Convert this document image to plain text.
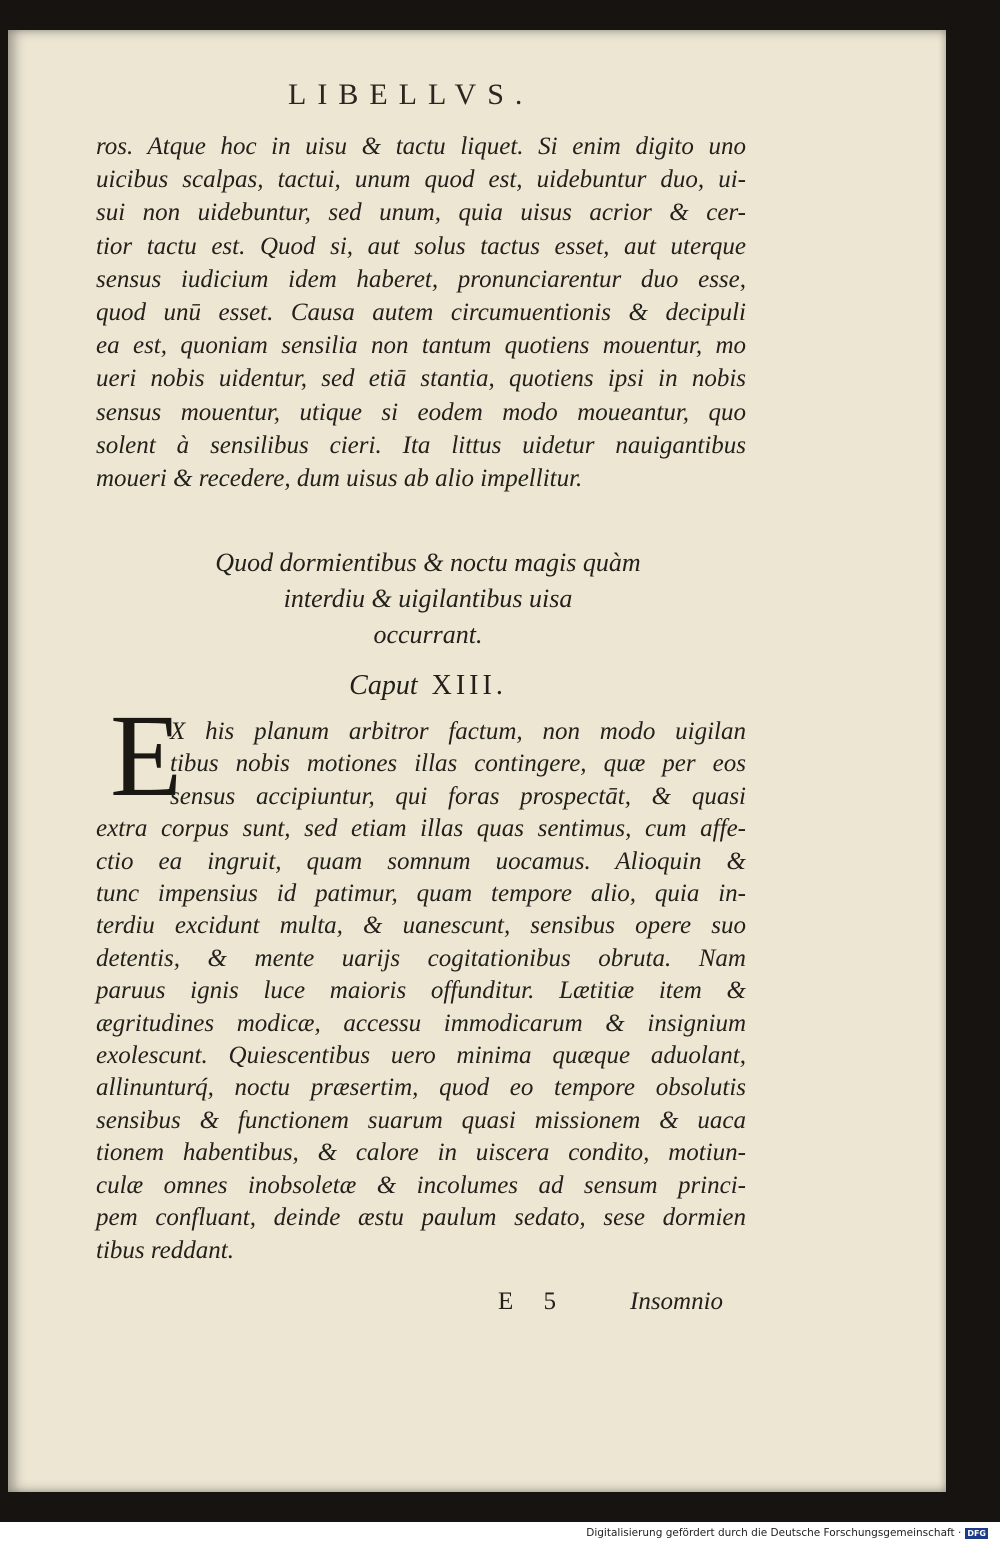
LIBELLVS.
ros. Atque hoc in uisu & tactu liquet. Si enim digito uno
uicibus scalpas, tactui, unum quod est, uidebuntur duo, ui-
sui non uidebuntur, sed unum, quia uisus acrior & cer-
tior tactu est. Quod si, aut solus tactus esset, aut uterque
sensus iudicium idem haberet, pronunciarentur duo esse,
quod unū esset. Causa autem circumuentionis & decipuli
ea est, quoniam sensilia non tantum quotiens mouentur, mo
ueri nobis uidentur, sed etiā stantia, quotiens ipsi in nobis
sensus mouentur, utique si eodem modo moueantur, quo
solent à sensilibus cieri. Ita littus uidetur nauigantibus
moueri & recedere, dum uisus ab alio impellitur.
Quod dormientibus & noctu magis quàm
interdiu & uigilantibus uisa
occurrant.
Caput XIII.
E
X his planum arbitror factum, non modo uigilan
tibus nobis motiones illas contingere, quæ per eos
sensus accipiuntur, qui foras prospectāt, & quasi
extra corpus sunt, sed etiam illas quas sentimus, cum affe-
ctio ea ingruit, quam somnum uocamus. Alioquin &
tunc impensius id patimur, quam tempore alio, quia in-
terdiu excidunt multa, & uanescunt, sensibus opere suo
detentis, & mente uarijs cogitationibus obruta. Nam
paruus ignis luce maioris offunditur. Lætitiæ item &
ægritudines modicæ, accessu immodicarum & insignium
exolescunt. Quiescentibus uero minima quæque aduolant,
allinunturq́, noctu præsertim, quod eo tempore obsolutis
sensibus & functionem suarum quasi missionem & uaca
tionem habentibus, & calore in uiscera condito, motiun-
culæ omnes inobsoletæ & incolumes ad sensum princi-
pem confluant, deinde æstu paulum sedato, sese dormien
tibus reddant.
E 5 Insomnio
Digitalisierung gefördert durch die Deutsche Forschungsgemeinschaft · DFG
